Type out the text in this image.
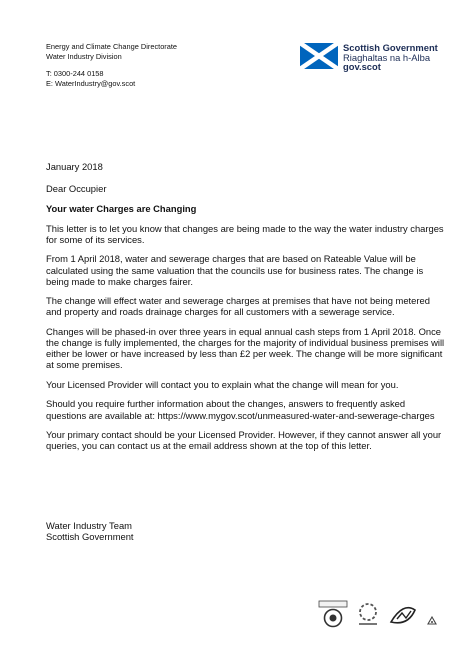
Energy and Climate Change Directorate
Water Industry Division
T: 0300-244 0158
E: WaterIndustry@gov.scot
Scottish Government
Riaghaltas na h-Alba
gov.scot

January 2018

Dear Occupier

Your water Charges are Changing

This letter is to let you know that changes are being made to the way the water industry charges for some of its services.

From 1 April 2018, water and sewerage charges that are based on Rateable Value will be calculated using the same valuation that the councils use for business rates. The change is being made to make charges fairer.

The change will effect water and sewerage charges at premises that have not being metered and property and roads drainage charges for all customers with a sewerage service.

Changes will be phased-in over three years in equal annual cash steps from 1 April 2018. Once the change is fully implemented, the charges for the majority of individual business premises will either be lower or have increased by less than £2 per week. The change will be more significant at some premises.

Your Licensed Provider will contact you to explain what the change will mean for you.

Should you require further information about the changes, answers to frequently asked questions are available at: https://www.mygov.scot/unmeasured-water-and-sewerage-charges

Your primary contact should be your Licensed Provider. However, if they cannot answer all your queries, you can contact us at the email address shown at the top of this letter.

Water Industry Team
Scottish Government
